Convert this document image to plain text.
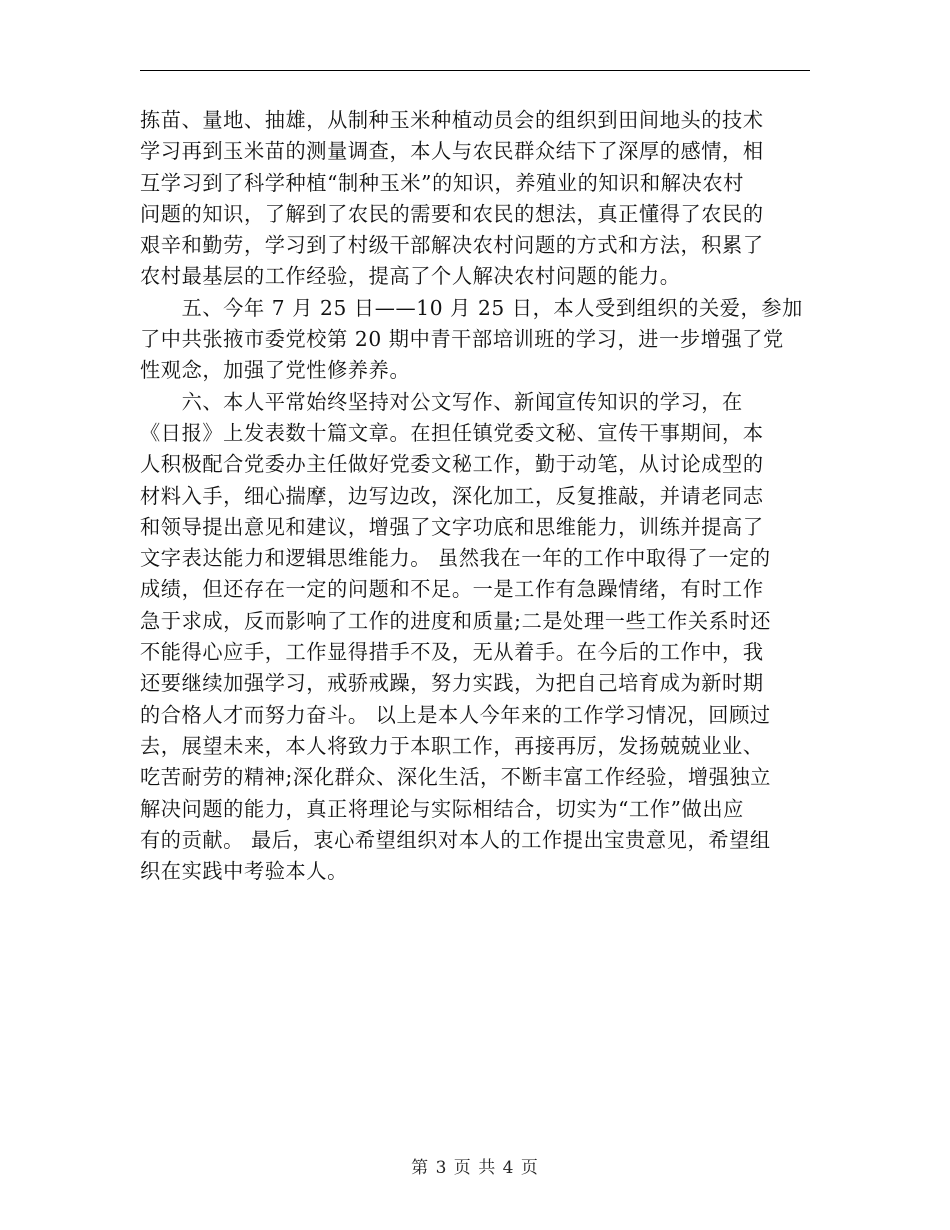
拣苗、量地、抽雄，从制种玉米种植动员会的组织到田间地头的技术
学习再到玉米苗的测量调查，本人与农民群众结下了深厚的感情，相
互学习到了科学种植“制种玉米”的知识，养殖业的知识和解决农村
问题的知识，了解到了农民的需要和农民的想法，真正懂得了农民的
艰辛和勤劳，学习到了村级干部解决农村问题的方式和方法，积累了
农村最基层的工作经验，提高了个人解决农村问题的能力。
　　五、今年 7 月 25 日——10 月 25 日，本人受到组织的关爱，参加
了中共张掖市委党校第 20 期中青干部培训班的学习，进一步增强了党
性观念，加强了党性修养养。
　　六、本人平常始终坚持对公文写作、新闻宣传知识的学习，在
《日报》上发表数十篇文章。在担任镇党委文秘、宣传干事期间，本
人积极配合党委办主任做好党委文秘工作，勤于动笔，从讨论成型的
材料入手，细心揣摩，边写边改，深化加工，反复推敲，并请老同志
和领导提出意见和建议，增强了文字功底和思维能力，训练并提高了
文字表达能力和逻辑思维能力。 虽然我在一年的工作中取得了一定的
成绩，但还存在一定的问题和不足。一是工作有急躁情绪，有时工作
急于求成，反而影响了工作的进度和质量;二是处理一些工作关系时还
不能得心应手，工作显得措手不及，无从着手。在今后的工作中，我
还要继续加强学习，戒骄戒躁，努力实践，为把自己培育成为新时期
的合格人才而努力奋斗。 以上是本人今年来的工作学习情况，回顾过
去，展望未来，本人将致力于本职工作，再接再厉，发扬兢兢业业、
吃苦耐劳的精神;深化群众、深化生活，不断丰富工作经验，增强独立
解决问题的能力，真正将理论与实际相结合，切实为“工作”做出应
有的贡献。 最后，衷心希望组织对本人的工作提出宝贵意见，希望组
织在实践中考验本人。
第 3 页 共 4 页
